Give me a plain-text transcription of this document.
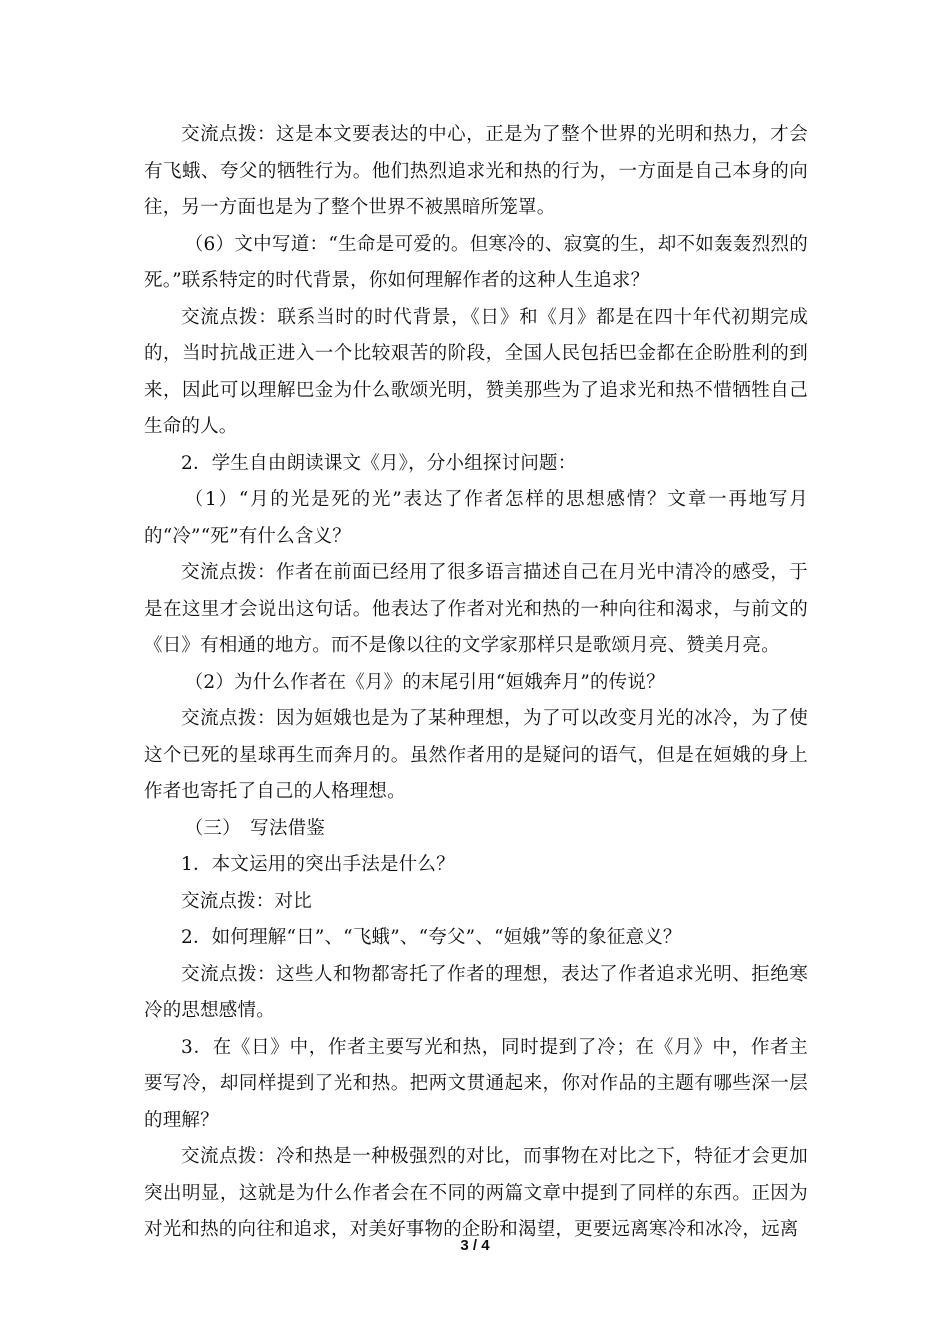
交流点拨：这是本文要表达的中心，正是为了整个世界的光明和热力，才会有飞蛾、夸父的牺牲行为。他们热烈追求光和热的行为，一方面是自己本身的向往，另一方面也是为了整个世界不被黑暗所笼罩。

（6）文中写道：“生命是可爱的。但寒冷的、寂寞的生，却不如轰轰烈烈的死。”联系特定的时代背景，你如何理解作者的这种人生追求？

交流点拨：联系当时的时代背景，《日》和《月》都是在四十年代初期完成的，当时抗战正进入一个比较艰苦的阶段，全国人民包括巴金都在企盼胜利的到来，因此可以理解巴金为什么歌颂光明，赞美那些为了追求光和热不惜牺牲自己生命的人。

2．学生自由朗读课文《月》，分小组探讨问题：

（1）“月的光是死的光”表达了作者怎样的思想感情？文章一再地写月的“冷”“死”有什么含义？

交流点拨：作者在前面已经用了很多语言描述自己在月光中清冷的感受，于是在这里才会说出这句话。他表达了作者对光和热的一种向往和渴求，与前文的《日》有相通的地方。而不是像以往的文学家那样只是歌颂月亮、赞美月亮。

（2）为什么作者在《月》的末尾引用“姮娥奔月”的传说？

交流点拨：因为姮娥也是为了某种理想，为了可以改变月光的冰冷，为了使这个已死的星球再生而奔月的。虽然作者用的是疑问的语气，但是在姮娥的身上作者也寄托了自己的人格理想。

（三）　写法借鉴

1．本文运用的突出手法是什么？

交流点拨：对比

2．如何理解“日”、“飞蛾”、“夸父”、“姮娥”等的象征意义？

交流点拨：这些人和物都寄托了作者的理想，表达了作者追求光明、拒绝寒冷的思想感情。

3．在《日》中，作者主要写光和热，同时提到了冷；在《月》中，作者主要写冷，却同样提到了光和热。把两文贯通起来，你对作品的主题有哪些深一层的理解？

交流点拨：冷和热是一种极强烈的对比，而事物在对比之下，特征才会更加突出明显，这就是为什么作者会在不同的两篇文章中提到了同样的东西。正因为对光和热的向往和追求，对美好事物的企盼和渴望，更要远离寒冷和冰冷，远离

3 / 4
